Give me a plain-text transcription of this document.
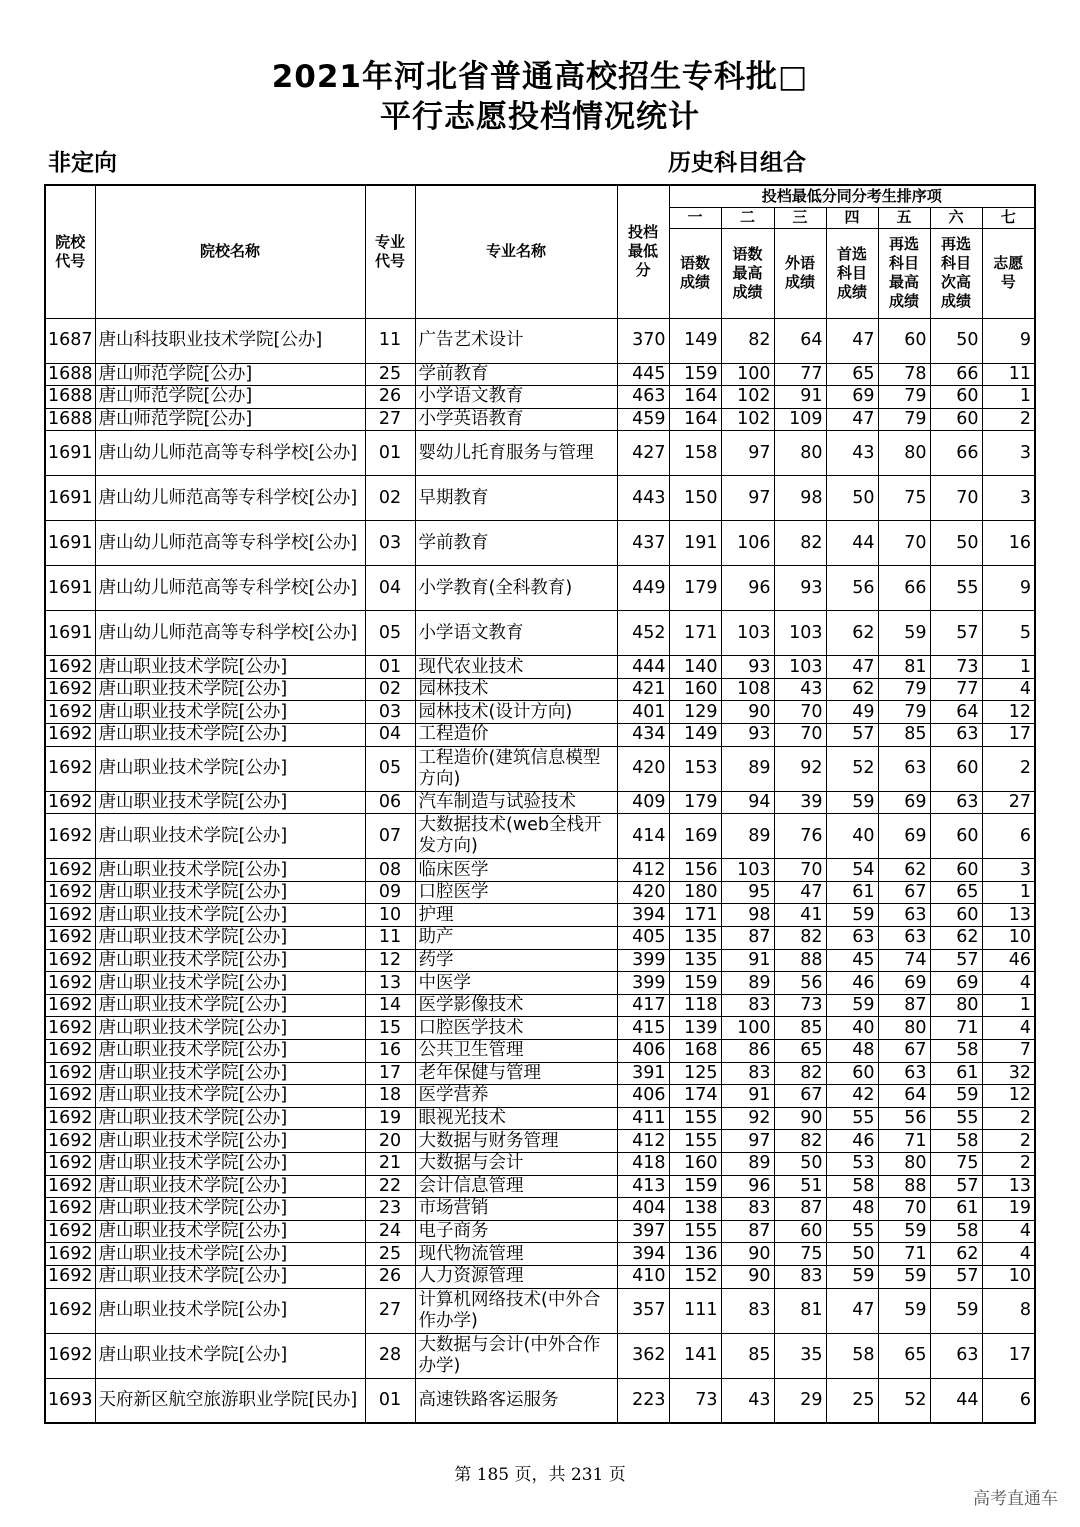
2021年河北省普通高校招生专科批□
平行志愿投档情况统计
非定向	历史科目组合
院校代号	院校名称	专业代号	专业名称	投档最低分	投档最低分同分考生排序项						
					一	二	三	四	五	六	七
					语数成绩	语数最高成绩	外语成绩	首选科目成绩	再选科目最高成绩	再选科目次高成绩	志愿号
1687	唐山科技职业技术学院[公办]	11	广告艺术设计	370	149	82	64	47	60	50	9
1688	唐山师范学院[公办]	25	学前教育	445	159	100	77	65	78	66	11
1688	唐山师范学院[公办]	26	小学语文教育	463	164	102	91	69	79	60	1
1688	唐山师范学院[公办]	27	小学英语教育	459	164	102	109	47	79	60	2
1691	唐山幼儿师范高等专科学校[公办]	01	婴幼儿托育服务与管理	427	158	97	80	43	80	66	3
1691	唐山幼儿师范高等专科学校[公办]	02	早期教育	443	150	97	98	50	75	70	3
1691	唐山幼儿师范高等专科学校[公办]	03	学前教育	437	191	106	82	44	70	50	16
1691	唐山幼儿师范高等专科学校[公办]	04	小学教育(全科教育)	449	179	96	93	56	66	55	9
1691	唐山幼儿师范高等专科学校[公办]	05	小学语文教育	452	171	103	103	62	59	57	5
1692	唐山职业技术学院[公办]	01	现代农业技术	444	140	93	103	47	81	73	1
1692	唐山职业技术学院[公办]	02	园林技术	421	160	108	43	62	79	77	4
1692	唐山职业技术学院[公办]	03	园林技术(设计方向)	401	129	90	70	49	79	64	12
1692	唐山职业技术学院[公办]	04	工程造价	434	149	93	70	57	85	63	17
1692	唐山职业技术学院[公办]	05	工程造价(建筑信息模型方向)	420	153	89	92	52	63	60	2
1692	唐山职业技术学院[公办]	06	汽车制造与试验技术	409	179	94	39	59	69	63	27
1692	唐山职业技术学院[公办]	07	大数据技术(web全栈开发方向)	414	169	89	76	40	69	60	6
1692	唐山职业技术学院[公办]	08	临床医学	412	156	103	70	54	62	60	3
1692	唐山职业技术学院[公办]	09	口腔医学	420	180	95	47	61	67	65	1
1692	唐山职业技术学院[公办]	10	护理	394	171	98	41	59	63	60	13
1692	唐山职业技术学院[公办]	11	助产	405	135	87	82	63	63	62	10
1692	唐山职业技术学院[公办]	12	药学	399	135	91	88	45	74	57	46
1692	唐山职业技术学院[公办]	13	中医学	399	159	89	56	46	69	69	4
1692	唐山职业技术学院[公办]	14	医学影像技术	417	118	83	73	59	87	80	1
1692	唐山职业技术学院[公办]	15	口腔医学技术	415	139	100	85	40	80	71	4
1692	唐山职业技术学院[公办]	16	公共卫生管理	406	168	86	65	48	67	58	7
1692	唐山职业技术学院[公办]	17	老年保健与管理	391	125	83	82	60	63	61	32
1692	唐山职业技术学院[公办]	18	医学营养	406	174	91	67	42	64	59	12
1692	唐山职业技术学院[公办]	19	眼视光技术	411	155	92	90	55	56	55	2
1692	唐山职业技术学院[公办]	20	大数据与财务管理	412	155	97	82	46	71	58	2
1692	唐山职业技术学院[公办]	21	大数据与会计	418	160	89	50	53	80	75	2
1692	唐山职业技术学院[公办]	22	会计信息管理	413	159	96	51	58	88	57	13
1692	唐山职业技术学院[公办]	23	市场营销	404	138	83	87	48	70	61	19
1692	唐山职业技术学院[公办]	24	电子商务	397	155	87	60	55	59	58	4
1692	唐山职业技术学院[公办]	25	现代物流管理	394	136	90	75	50	71	62	4
1692	唐山职业技术学院[公办]	26	人力资源管理	410	152	90	83	59	59	57	10
1692	唐山职业技术学院[公办]	27	计算机网络技术(中外合作办学)	357	111	83	81	47	59	59	8
1692	唐山职业技术学院[公办]	28	大数据与会计(中外合作办学)	362	141	85	35	58	65	63	17
1693	天府新区航空旅游职业学院[民办]	01	高速铁路客运服务	223	73	43	29	25	52	44	6
第 185 页，共 231 页
高考直通车
